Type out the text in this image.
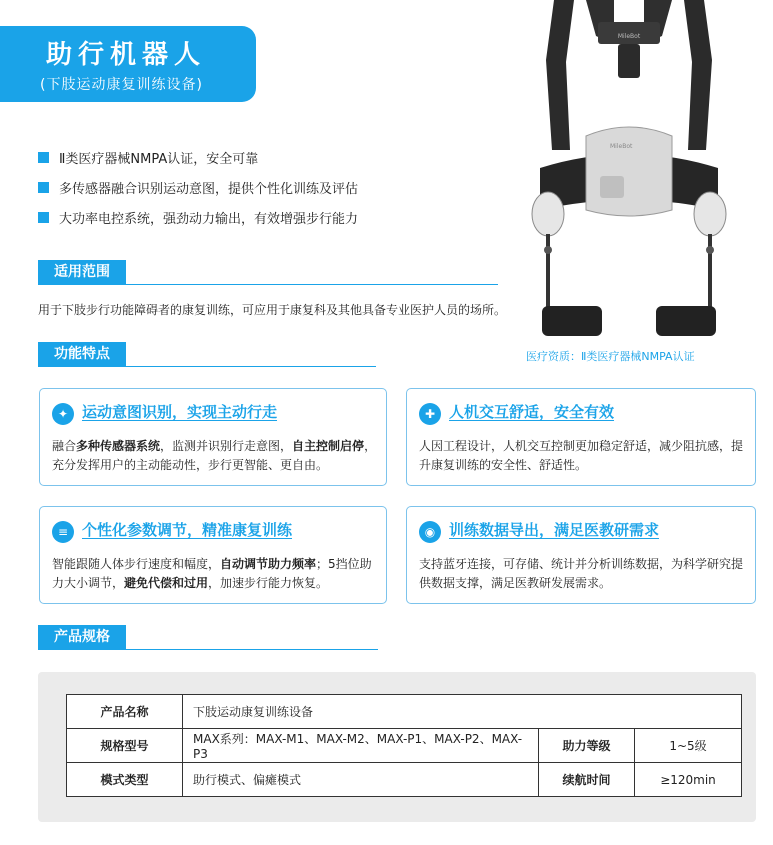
助行机器人
(下肢运动康复训练设备)
Ⅱ类医疗器械NMPA认证，安全可靠
多传感器融合识别运动意图，提供个性化训练及评估
大功率电控系统，强劲动力输出，有效增强步行能力
适用范围
用于下肢步行功能障碍者的康复训练，可应用于康复科及其他具备专业医护人员的场所。
MileBot
MileBot
医疗资质：Ⅱ类医疗器械NMPA认证
功能特点
✦ 运动意图识别，实现主动行走
融合多种传感器系统，监测并识别行走意图，自主控制启停，充分发挥用户的主动能动性，步行更智能、更自由。
✚ 人机交互舒适，安全有效
人因工程设计，人机交互控制更加稳定舒适，减少阻抗感，提升康复训练的安全性、舒适性。
≡ 个性化参数调节，精准康复训练
智能跟随人体步行速度和幅度，自动调节助力频率；5挡位助力大小调节，避免代偿和过用，加速步行能力恢复。
◉ 训练数据导出，满足医教研需求
支持蓝牙连接，可存储、统计并分析训练数据，为科学研究提供数据支撑，满足医教研发展需求。
产品规格
产品名称	下肢运动康复训练设备		
规格型号	MAX系列：MAX-M1、MAX-M2、MAX-P1、MAX-P2、MAX-P3	助力等级	1~5级
模式类型	助行模式、偏瘫模式	续航时间	≥120min
